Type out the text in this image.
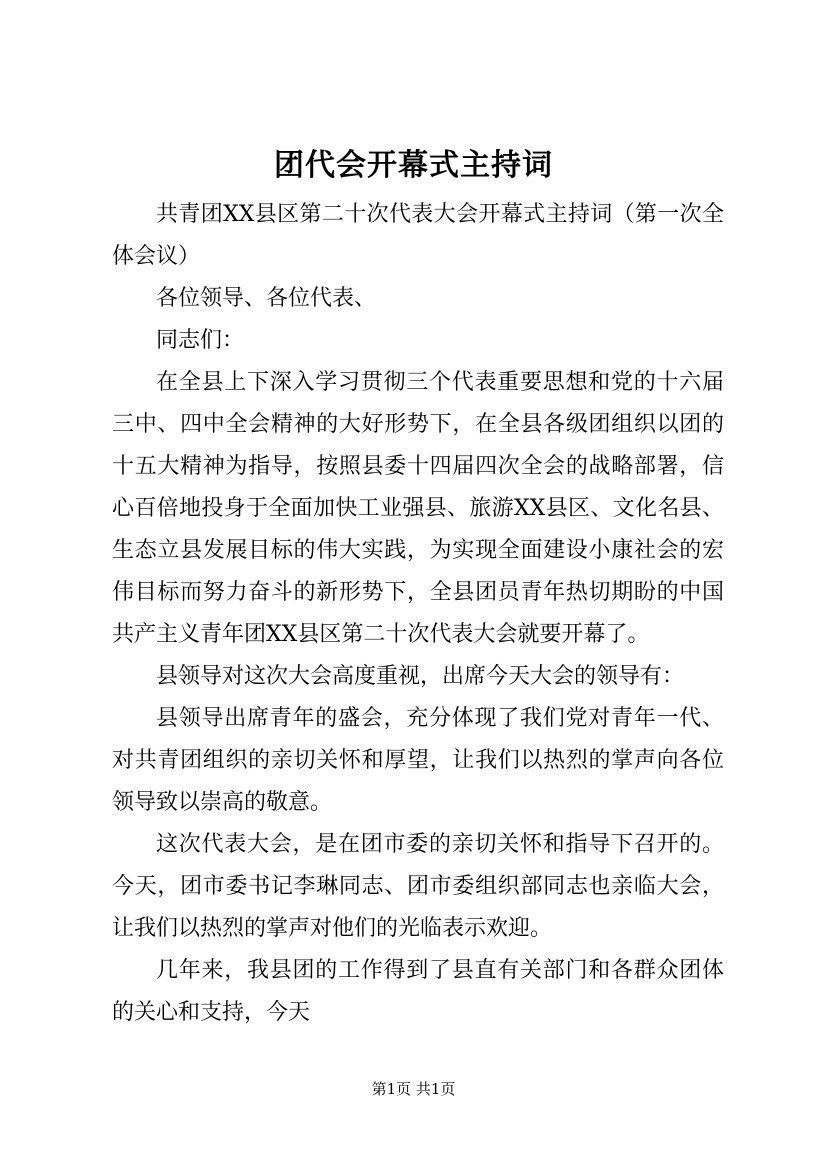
团代会开幕式主持词

共青团XX县区第二十次代表大会开幕式主持词（第一次全体会议）

各位领导、各位代表、

同志们：

在全县上下深入学习贯彻三个代表重要思想和党的十六届三中、四中全会精神的大好形势下，在全县各级团组织以团的十五大精神为指导，按照县委十四届四次全会的战略部署，信心百倍地投身于全面加快工业强县、旅游XX县区、文化名县、生态立县发展目标的伟大实践，为实现全面建设小康社会的宏伟目标而努力奋斗的新形势下，全县团员青年热切期盼的中国共产主义青年团XX县区第二十次代表大会就要开幕了。

县领导对这次大会高度重视，出席今天大会的领导有：

县领导出席青年的盛会，充分体现了我们党对青年一代、对共青团组织的亲切关怀和厚望，让我们以热烈的掌声向各位领导致以崇高的敬意。

这次代表大会，是在团市委的亲切关怀和指导下召开的。今天，团市委书记李琳同志、团市委组织部同志也亲临大会，让我们以热烈的掌声对他们的光临表示欢迎。

几年来，我县团的工作得到了县直有关部门和各群众团体的关心和支持，今天

第1页 共1页
